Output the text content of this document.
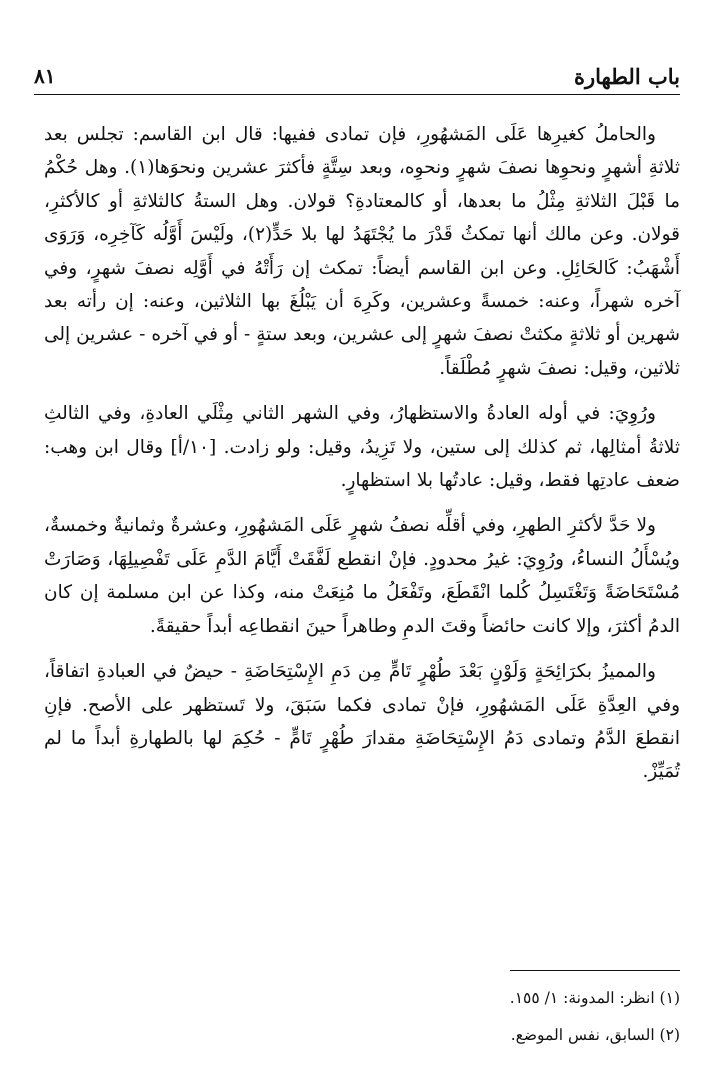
باب الطهارة
٨١

والحاملُ كغيرِها عَلَى المَشهُورِ، فإن تمادى ففيها: قال ابن القاسم: تجلس بعد ثلاثةِ أشهرٍ ونحوِها نصفَ شهرٍ ونحوِه، وبعد سِتَّةٍ فأكثرَ عشرين ونحوَها(١). وهل حُكْمُ ما قَبْلَ الثلاثةِ مِثْلُ ما بعدها، أو كالمعتادةِ؟ قولان. وهل الستةُ كالثلاثةِ أو كالأكثرِ، قولان. وعن مالك أنها تمكثُ قَدْرَ ما يُجْتَهَدُ لها بلا حَدٍّ(٢)، ولَيْسَ أَوَّلُه كَآخِرِه، وَرَوَى أَشْهَبُ: كَالحَائِلِ. وعن ابن القاسم أيضاً: تمكث إن رَأَتْهُ في أَوَّلِه نصفَ شهرٍ، وفي آخره شهراً، وعنه: خمسةً وعشرين، وكَرِهَ أن يَبْلُغَ بها الثلاثين، وعنه: إن رأته بعد شهرين أو ثلاثةٍ مكثتْ نصفَ شهرٍ إلى عشرين، وبعد ستةٍ - أو في آخره - عشرين إلى ثلاثين، وقيل: نصفَ شهرٍ مُطْلَقاً.

ورُوِيَ: في أوله العادةُ والاستظهارُ، وفي الشهر الثاني مِثْلَي العادةِ، وفي الثالثِ ثلاثةُ أمثالِها، ثم كذلك إلى ستين، ولا تَزِيدُ، وقيل: ولو زادت. [١٠/أ] وقال ابن وهب: ضعف عادتِها فقط، وقيل: عادتُها بلا استظهارٍ.

ولا حَدَّ لأكثرِ الطهرِ، وفي أقلِّه نصفُ شهرٍ عَلَى المَشهُورِ، وعشرةٌ وثمانيةٌ وخمسةٌ، ويُسْأَلُ النساءُ، ورُوِيَ: غيرُ محدودٍ. فإنْ انقطع لَفَّقَتْ أَيَّامَ الدَّمِ عَلَى تَفْصِيلِهَا، وَصَارَتْ مُسْتَحَاضَةً وَتَغْتَسِلُ كُلما انْقَطَعَ، وتَفْعَلُ ما مُنِعَتْ منه، وكذا عن ابن مسلمة إن كان الدمُ أكثرَ، وإلا كانت حائضاً وقتَ الدمِ وطاهراً حينَ انقطاعِه أبداً حقيقةً.

والمميزُ بكرَائِحَةٍ وَلَوْنٍ بَعْدَ طُهْرٍ تَامٍّ مِن دَمِ الإِسْتِحَاضَةِ - حيضٌ في العبادةِ اتفاقاً، وفي العِدَّةِ عَلَى المَشهُورِ، فإنْ تمادى فكما سَبَقَ، ولا تَستظهر على الأصح. فإنِ انقطعَ الدَّمُ وتمادى دَمُ الإِسْتِحَاضَةِ مقدارَ طُهْرٍ تَامٍّ - حُكِمَ لها بالطهارةِ أبداً ما لم تُمَيِّزْ.

(١) انظر: المدونة: ١/ ١٥٥.
(٢) السابق، نفس الموضع.
